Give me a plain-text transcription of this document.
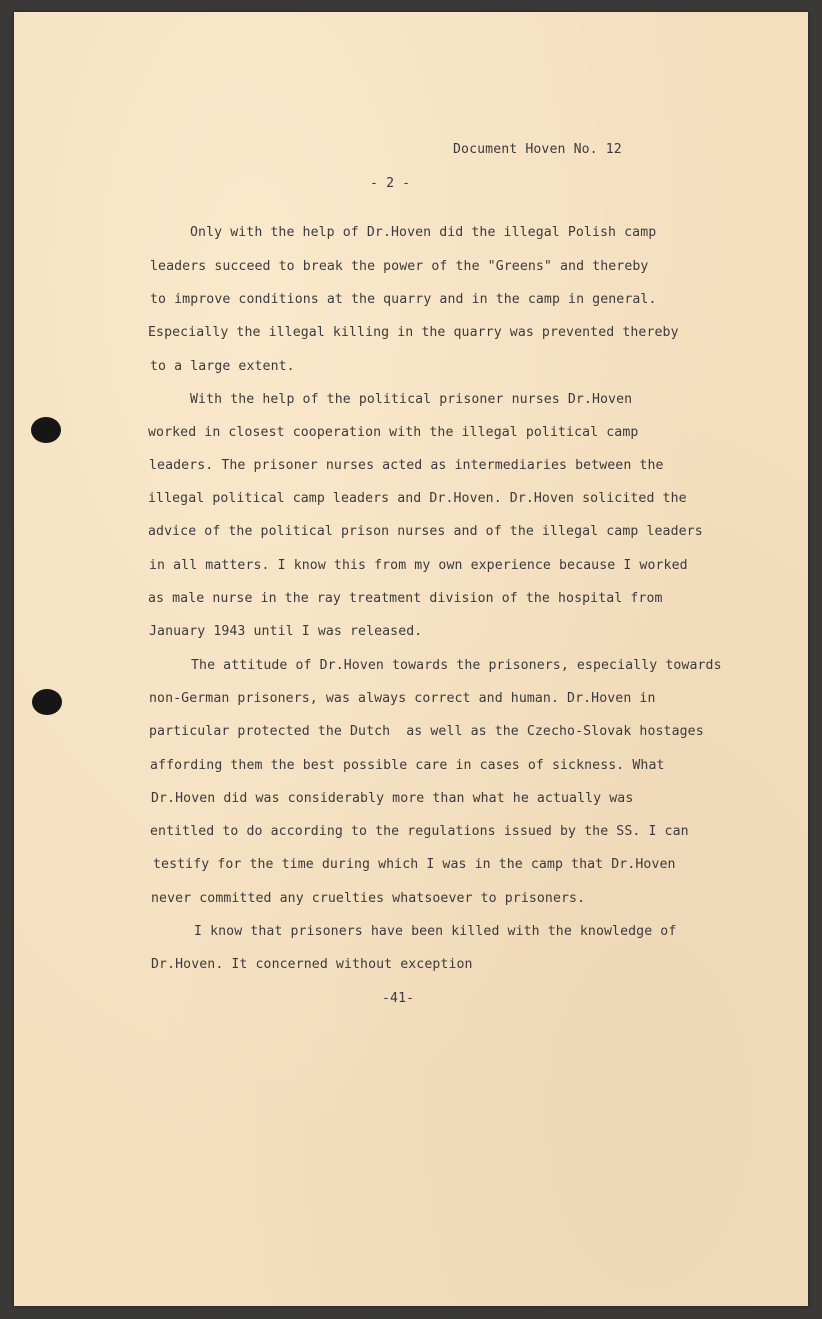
Document Hoven No. 12
- 2 -
Only with the help of Dr.Hoven did the illegal Polish camp
leaders succeed to break the power of the "Greens" and thereby
to improve conditions at the quarry and in the camp in general.
Especially the illegal killing in the quarry was prevented thereby
to a large extent.
With the help of the political prisoner nurses Dr.Hoven
worked in closest cooperation with the illegal political camp
leaders. The prisoner nurses acted as intermediaries between the
illegal political camp leaders and Dr.Hoven. Dr.Hoven solicited the
advice of the political prison nurses and of the illegal camp leaders
in all matters. I know this from my own experience because I worked
as male nurse in the ray treatment division of the hospital from
January 1943 until I was released.
The attitude of Dr.Hoven towards the prisoners, especially towards
non-German prisoners, was always correct and human. Dr.Hoven in
particular protected the Dutch  as well as the Czecho-Slovak hostages
affording them the best possible care in cases of sickness. What
Dr.Hoven did was considerably more than what he actually was
entitled to do according to the regulations issued by the SS. I can
testify for the time during which I was in the camp that Dr.Hoven
never committed any cruelties whatsoever to prisoners.
I know that prisoners have been killed with the knowledge of
Dr.Hoven. It concerned without exception
-41-
